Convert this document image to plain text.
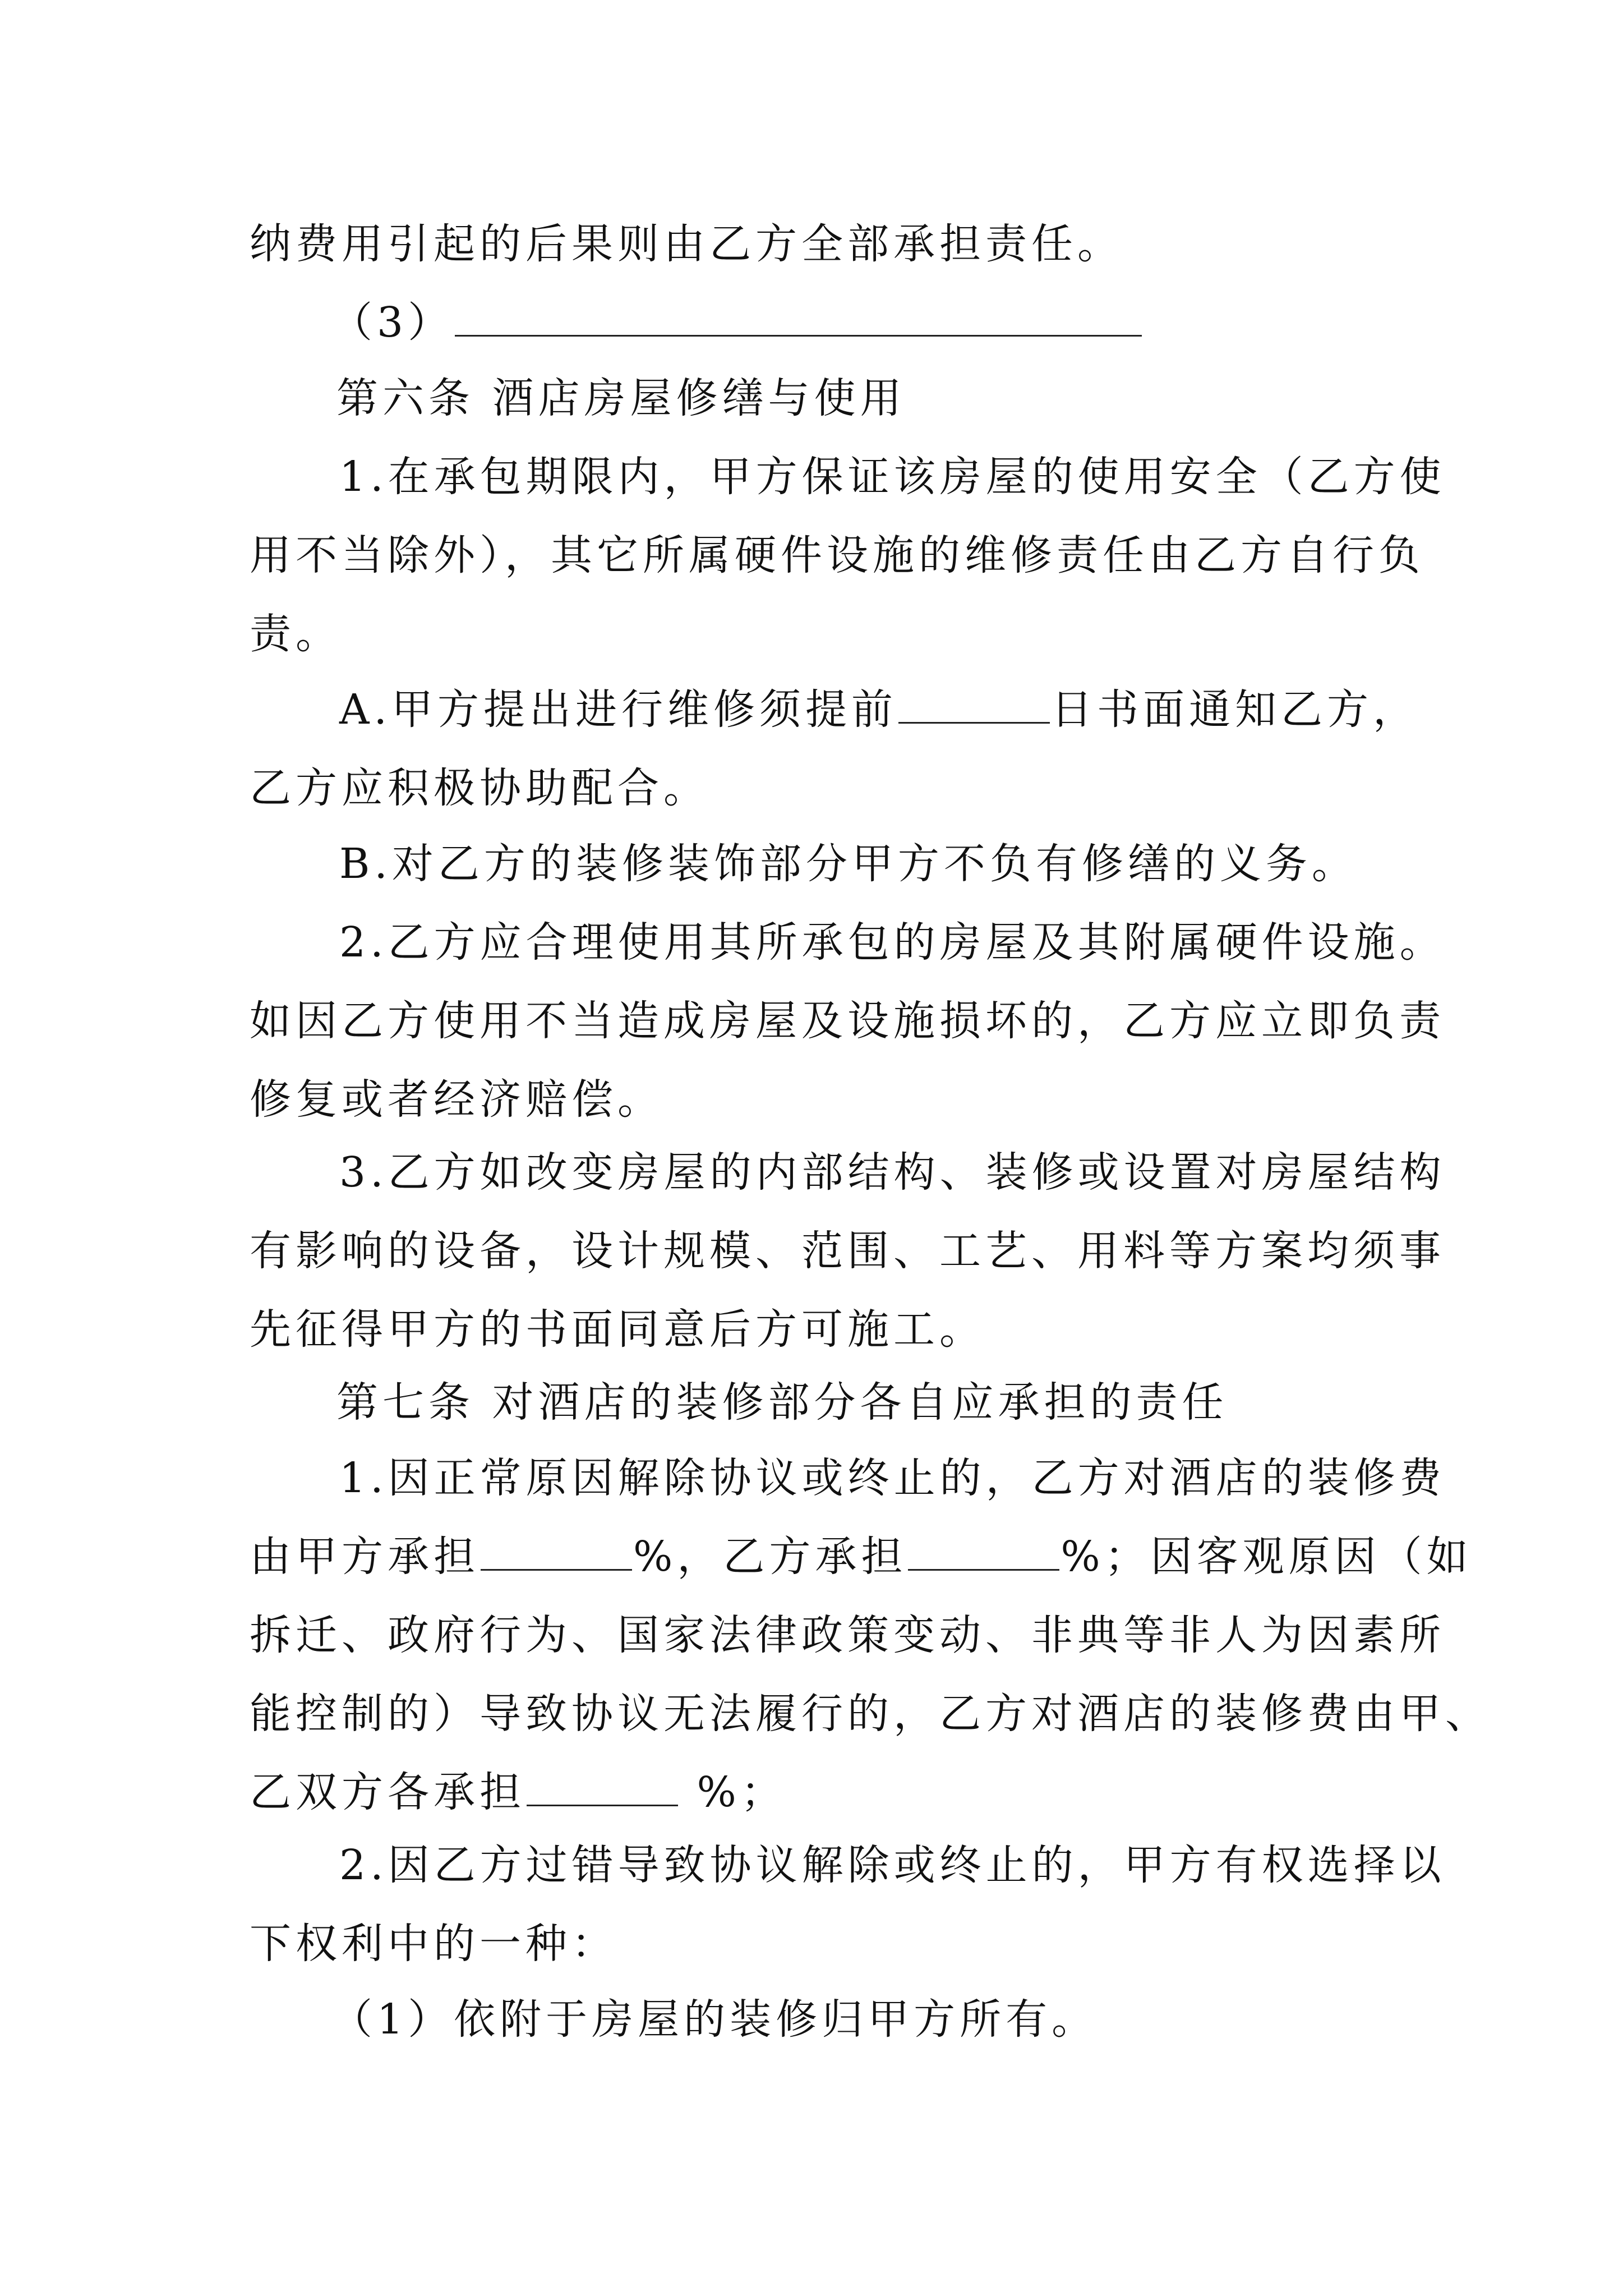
纳费用引起的后果则由乙方全部承担责任。
（3）
第六条 酒店房屋修缮与使用
1.在承包期限内，甲方保证该房屋的使用安全（乙方使
用不当除外），其它所属硬件设施的维修责任由乙方自行负
责。
A.甲方提出进行维修须提前	日书面通知乙方，
乙方应积极协助配合。
B.对乙方的装修装饰部分甲方不负有修缮的义务。
2.乙方应合理使用其所承包的房屋及其附属硬件设施。
如因乙方使用不当造成房屋及设施损坏的，乙方应立即负责
修复或者经济赔偿。
3.乙方如改变房屋的内部结构、装修或设置对房屋结构
有影响的设备，设计规模、范围、工艺、用料等方案均须事
先征得甲方的书面同意后方可施工。
第七条 对酒店的装修部分各自应承担的责任
1.因正常原因解除协议或终止的，乙方对酒店的装修费
由甲方承担	%，乙方承担	%；因客观原因（如
拆迁、政府行为、国家法律政策变动、非典等非人为因素所
能控制的）导致协议无法履行的，乙方对酒店的装修费由甲、
乙双方各承担	%；
2.因乙方过错导致协议解除或终止的，甲方有权选择以
下权利中的一种：
（1）依附于房屋的装修归甲方所有。
